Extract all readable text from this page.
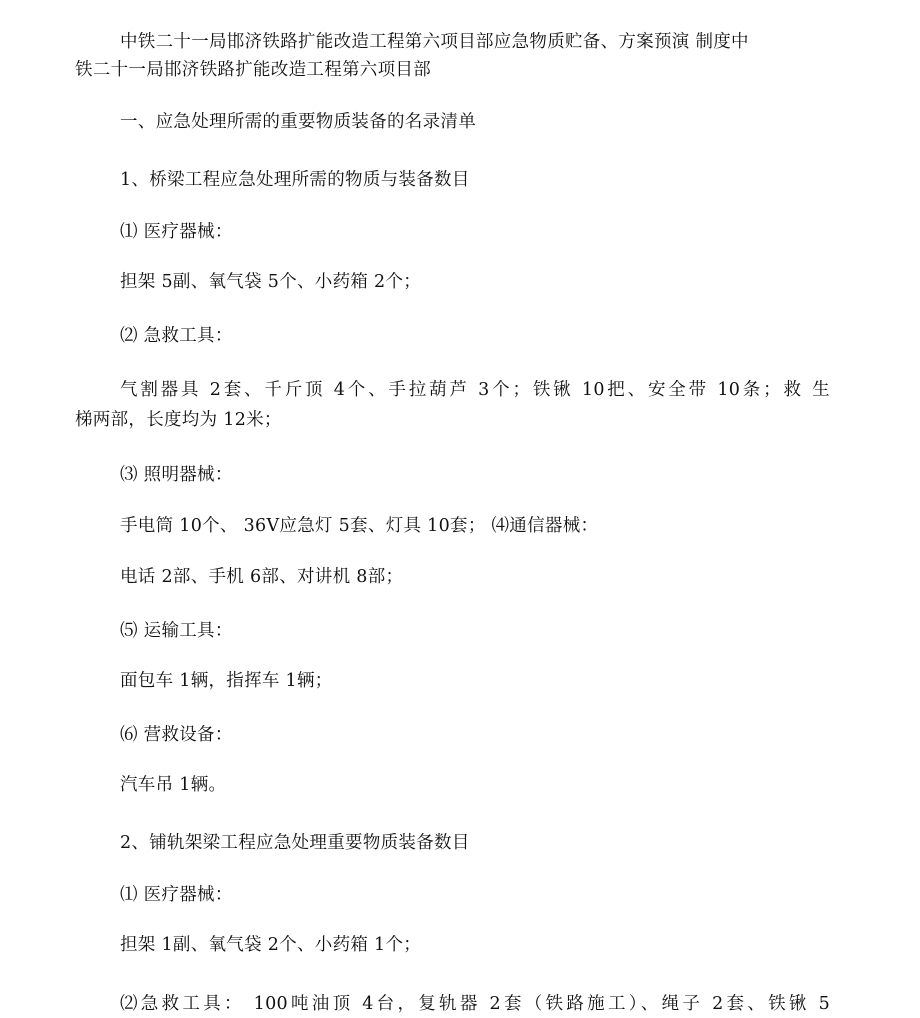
中铁二十一局邯济铁路扩能改造工程第六项目部应急物质贮备、方案预演 制度中
铁二十一局邯济铁路扩能改造工程第六项目部
一、应急处理所需的重要物质装备的名录清单
1、桥梁工程应急处理所需的物质与装备数目
⑴ 医疗器械：
担架 5副、氧气袋 5个、小药箱 2个；
⑵ 急救工具：
气割器具 2套、千斤顶 4个、手拉葫芦 3个；铁锹 10把、安全带 10条；救 生
梯两部，长度均为 12米；
⑶ 照明器械：
手电筒 10个、 36V应急灯 5套、灯具 10套； ⑷通信器械：
电话 2部、手机 6部、对讲机 8部；
⑸ 运输工具：
面包车 1辆，指挥车 1辆；
⑹ 营救设备：
汽车吊 1辆。
2、铺轨架梁工程应急处理重要物质装备数目
⑴ 医疗器械：
担架 1副、氧气袋 2个、小药箱 1个；
⑵急救工具： 100吨油顶 4台，复轨器 2套（铁路施工）、绳子 2套、铁锹 5
